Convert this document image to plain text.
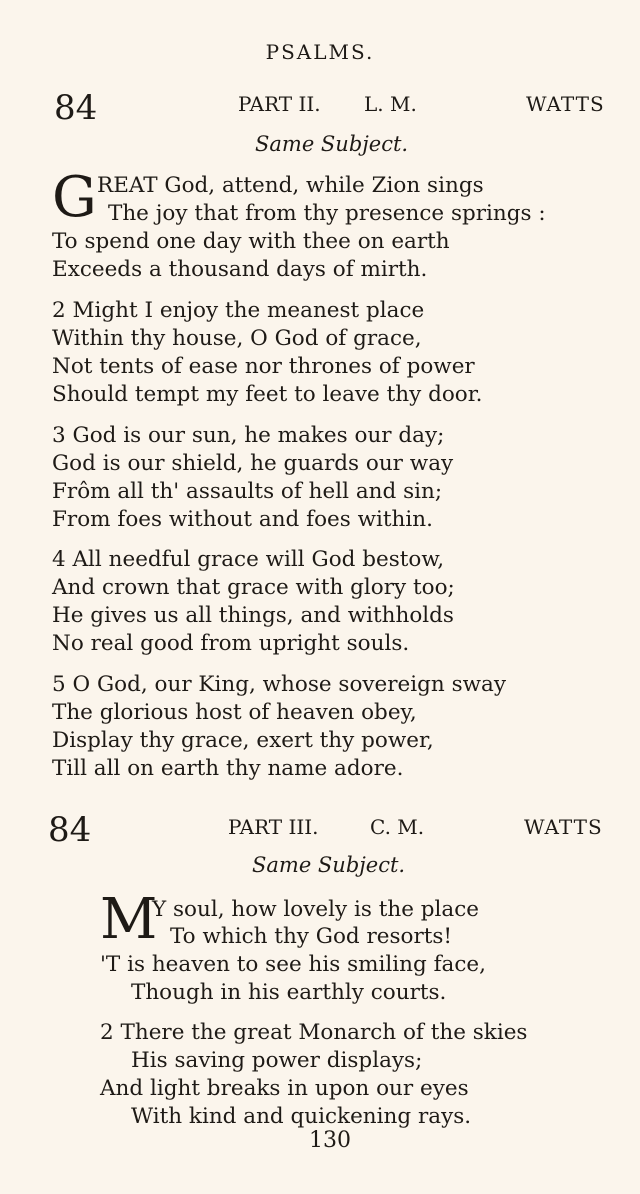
PSALMS.
84	PART II. L. M.	WATTS
Same Subject.
G REAT God, attend, while Zion sings
The joy that from thy presence springs :
To spend one day with thee on earth
Exceeds a thousand days of mirth.
2 Might I enjoy the meanest place
Within thy house, O God of grace,
Not tents of ease nor thrones of power
Should tempt my feet to leave thy door.
3 God is our sun, he makes our day;
God is our shield, he guards our way
Frôm all th' assaults of hell and sin;
From foes without and foes within.
4 All needful grace will God bestow,
And crown that grace with glory too;
He gives us all things, and withholds
No real good from upright souls.
5 O God, our King, whose sovereign sway
The glorious host of heaven obey,
Display thy grace, exert thy power,
Till all on earth thy name adore.
84	PART III.	C. M.	WATTS
Same Subject.
M
Y soul, how lovely is the place
To which thy God resorts!
'T is heaven to see his smiling face,
Though in his earthly courts.
2 There the great Monarch of the skies
His saving power displays;
And light breaks in upon our eyes
With kind and quickening rays.
130
